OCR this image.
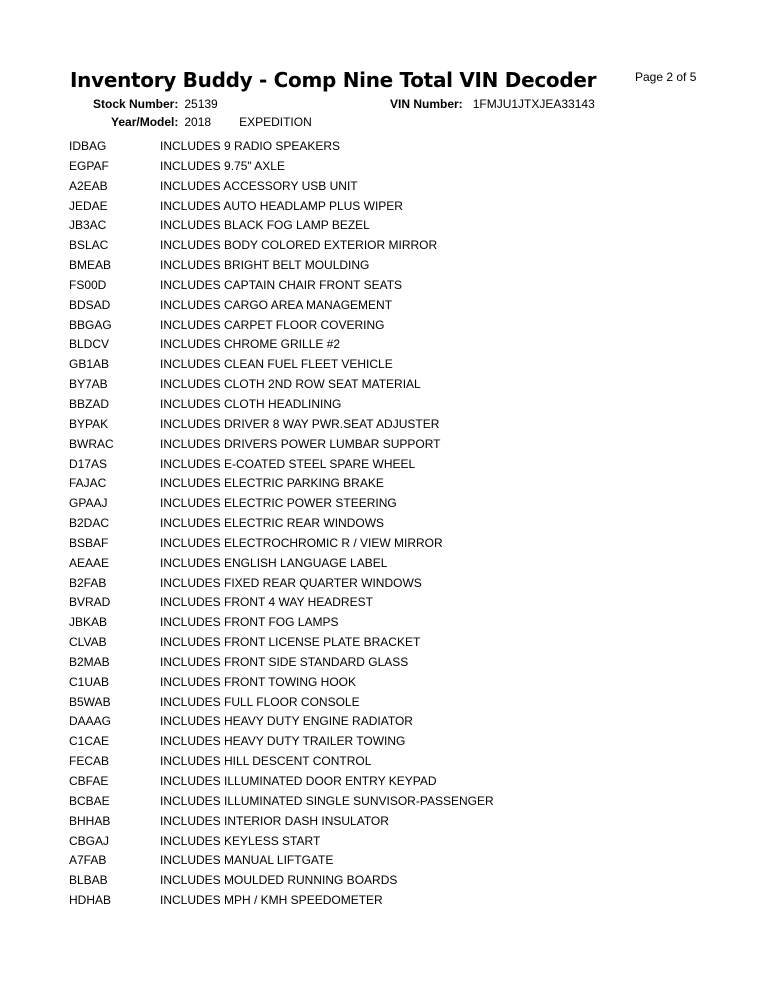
Inventory Buddy - Comp Nine Total VIN Decoder	Page 2 of 5
Stock Number: 25139	VIN Number: 1FMJU1JTXJEA33143
Year/Model: 2018 EXPEDITION
IDBAG	INCLUDES 9 RADIO SPEAKERS
EGPAF	INCLUDES 9.75" AXLE
A2EAB	INCLUDES ACCESSORY USB UNIT
JEDAE	INCLUDES AUTO HEADLAMP PLUS WIPER
JB3AC	INCLUDES BLACK FOG LAMP BEZEL
BSLAC	INCLUDES BODY COLORED EXTERIOR MIRROR
BMEAB	INCLUDES BRIGHT BELT MOULDING
FS00D	INCLUDES CAPTAIN CHAIR FRONT SEATS
BDSAD	INCLUDES CARGO AREA MANAGEMENT
BBGAG	INCLUDES CARPET FLOOR COVERING
BLDCV	INCLUDES CHROME GRILLE #2
GB1AB	INCLUDES CLEAN FUEL FLEET VEHICLE
BY7AB	INCLUDES CLOTH 2ND ROW SEAT MATERIAL
BBZAD	INCLUDES CLOTH HEADLINING
BYPAK	INCLUDES DRIVER 8 WAY PWR.SEAT ADJUSTER
BWRAC	INCLUDES DRIVERS POWER LUMBAR SUPPORT
D17AS	INCLUDES E-COATED STEEL SPARE WHEEL
FAJAC	INCLUDES ELECTRIC PARKING BRAKE
GPAAJ	INCLUDES ELECTRIC POWER STEERING
B2DAC	INCLUDES ELECTRIC REAR WINDOWS
BSBAF	INCLUDES ELECTROCHROMIC R / VIEW MIRROR
AEAAE	INCLUDES ENGLISH LANGUAGE LABEL
B2FAB	INCLUDES FIXED REAR QUARTER WINDOWS
BVRAD	INCLUDES FRONT 4 WAY HEADREST
JBKAB	INCLUDES FRONT FOG LAMPS
CLVAB	INCLUDES FRONT LICENSE PLATE BRACKET
B2MAB	INCLUDES FRONT SIDE STANDARD GLASS
C1UAB	INCLUDES FRONT TOWING HOOK
B5WAB	INCLUDES FULL FLOOR CONSOLE
DAAAG	INCLUDES HEAVY DUTY ENGINE RADIATOR
C1CAE	INCLUDES HEAVY DUTY TRAILER TOWING
FECAB	INCLUDES HILL DESCENT CONTROL
CBFAE	INCLUDES ILLUMINATED DOOR ENTRY KEYPAD
BCBAE	INCLUDES ILLUMINATED SINGLE SUNVISOR-PASSENGER
BHHAB	INCLUDES INTERIOR DASH INSULATOR
CBGAJ	INCLUDES KEYLESS START
A7FAB	INCLUDES MANUAL LIFTGATE
BLBAB	INCLUDES MOULDED RUNNING BOARDS
HDHAB	INCLUDES MPH / KMH SPEEDOMETER
